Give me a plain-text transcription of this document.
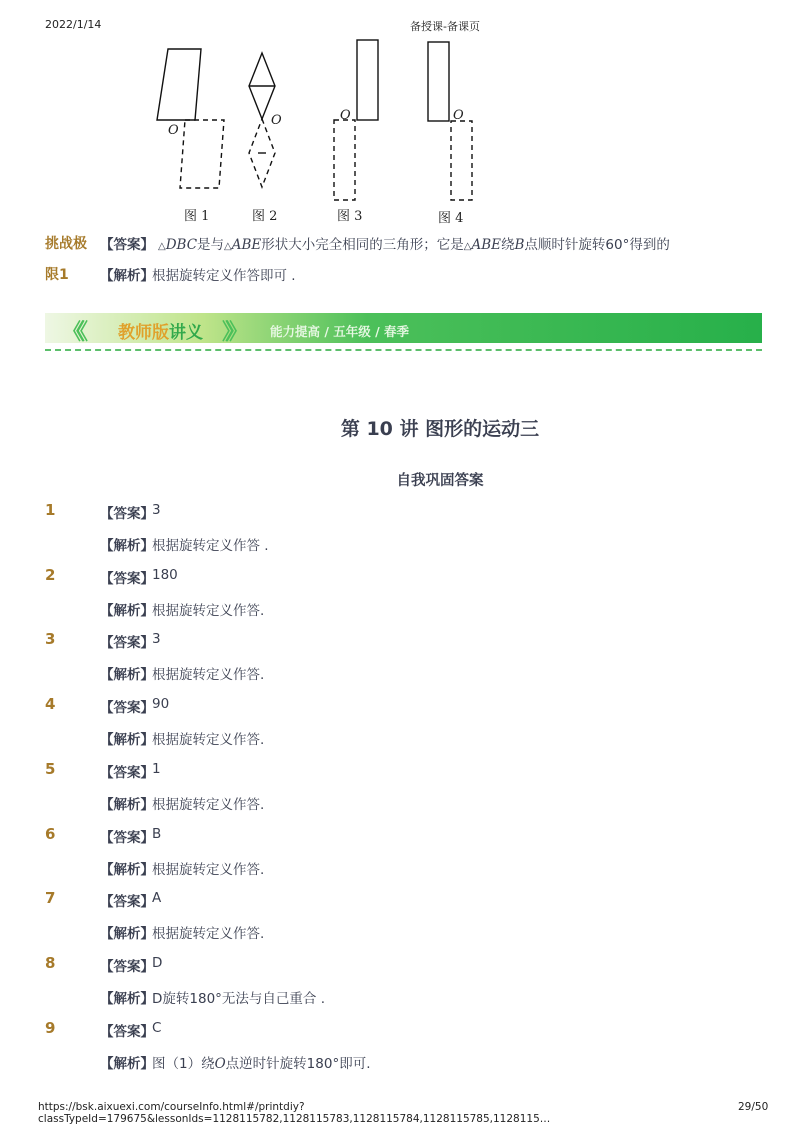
2022/1/14	备授课-备课页
O
O	O	O
图 1	图 2	图 3	图 4
挑战极
限1
【答案】 △DBC是与△ABE形状大小完全相同的三角形；它是△ABE绕B点顺时针旋转60°得到的
【解析】
根据旋转定义作答即可 .
《《	》》
教师版讲义	能力提高 / 五年级 / 春季
第 10 讲 图形的运动三
自我巩固答案
1	【答案】
3
【解析】
根据旋转定义作答 .
2	【答案】
180
【解析】
根据旋转定义作答.
3	【答案】
3
【解析】
根据旋转定义作答.
4	【答案】
90
【解析】
根据旋转定义作答.
5	【答案】
1
【解析】
根据旋转定义作答.
6	【答案】
B
【解析】
根据旋转定义作答.
7	【答案】
A
【解析】
根据旋转定义作答.
8	【答案】
D
【解析】
D旋转180°无法与自己重合 .
9	【答案】
C
【解析】
图（1）绕O点逆时针旋转180°即可.
https://bsk.aixuexi.com/courseInfo.html#/printdiy?classTypeId=179675&lessonIds=1128115782,1128115783,1128115784,1128115785,1128115…
29/50
